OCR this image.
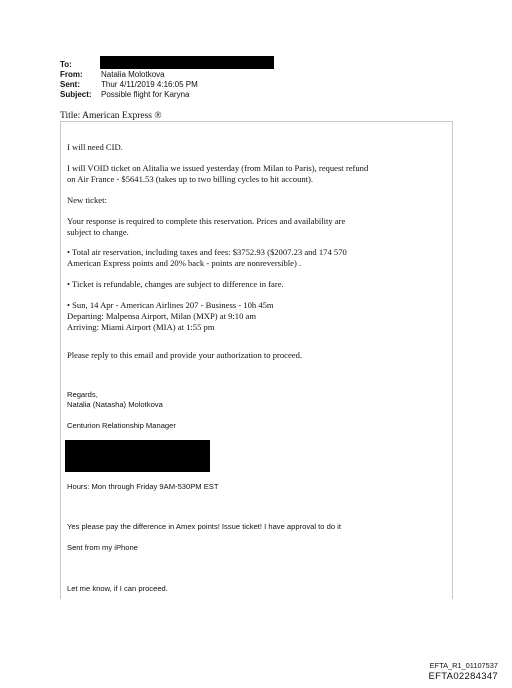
To:
From: Natalia Molotkova
Sent:	Thur 4/11/2019 4:16:05 PM
Subject: Possible flight for Karyna
Title: American Express ®
I will need CID.
I will VOID ticket on Alitalia we issued yesterday (from Milan to Paris), request refund
on Air France - $5641.53 (takes up to two billing cycles to hit account).
New ticket:
Your response is required to complete this reservation. Prices and availability are
subject to change.
• Total air reservation, including taxes and fees: $3752.93 ($2007.23 and 174 570
American Express points and 20% back - points are nonreversible) .
• Ticket is refundable, changes are subject to difference in fare.
• Sun, 14 Apr - American Airlines 207 - Business - 10h 45m
Departing: Malpensa Airport, Milan (MXP) at 9:10 am
Arriving: Miami Airport (MIA) at 1:55 pm
Please reply to this email and provide your authorization to proceed.
Regards,
Natalia (Natasha) Molotkova
Centurion Relationship Manager
Hours: Mon through Friday 9AM-530PM EST
Yes please pay the difference in Amex points! Issue ticket! I have approval to do it
Sent from my iPhone
Let me know, if I can proceed.
EFTA_R1_01107537
EFTA02284347
